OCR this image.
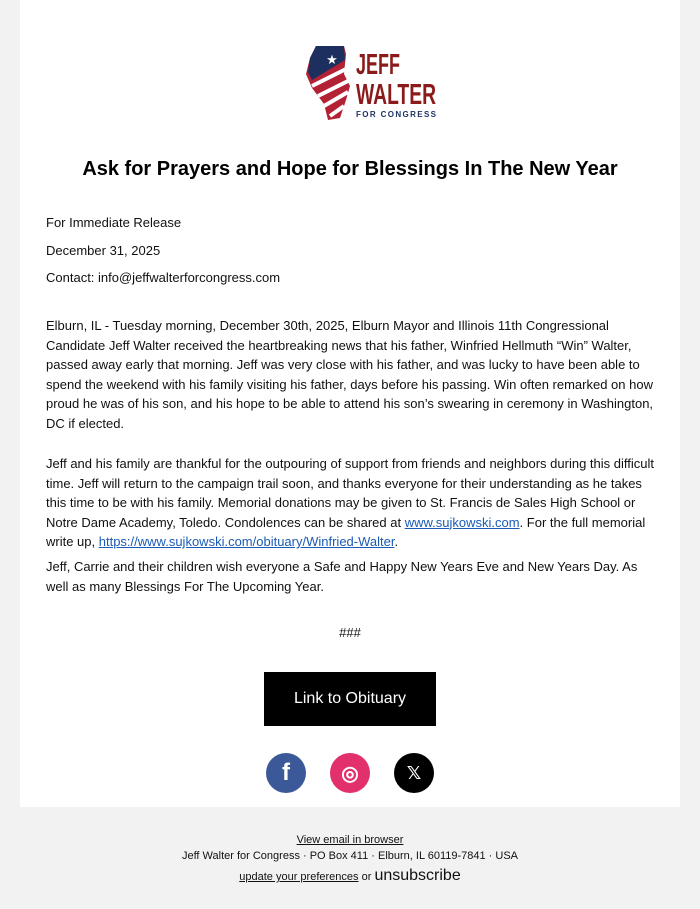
★ JEFF
WALTER
FOR CONGRESS
Ask for Prayers and Hope for Blessings In The New Year

For Immediate Release

December 31, 2025

Contact: info@jeffwalterforcongress.com

Elburn, IL - Tuesday morning, December 30th, 2025, Elburn Mayor and Illinois 11th Congressional Candidate Jeff Walter received the heartbreaking news that his father, Winfried Hellmuth “Win” Walter, passed away early that morning. Jeff was very close with his father, and was lucky to have been able to spend the weekend with his family visiting his father, days before his passing. Win often remarked on how proud he was of his son, and his hope to be able to attend his son’s swearing in ceremony in Washington, DC if elected.

Jeff and his family are thankful for the outpouring of support from friends and neighbors during this difficult time. Jeff will return to the campaign trail soon, and thanks everyone for their understanding as he takes this time to be with his family. Memorial donations may be given to St. Francis de Sales High School or Notre Dame Academy, Toledo. Condolences can be shared at www.sujkowski.com. For the full memorial write up, https://www.sujkowski.com/obituary/Winfried-Walter.

Jeff, Carrie and their children wish everyone a Safe and Happy New Years Eve and New Years Day. As well as many Blessings For The Upcoming Year.

###
Link to Obituary
f	◎	𝕏
View email in browser
Jeff Walter for Congress · PO Box 411 · Elburn, IL 60119-7841 · USA
update your preferences or unsubscribe
